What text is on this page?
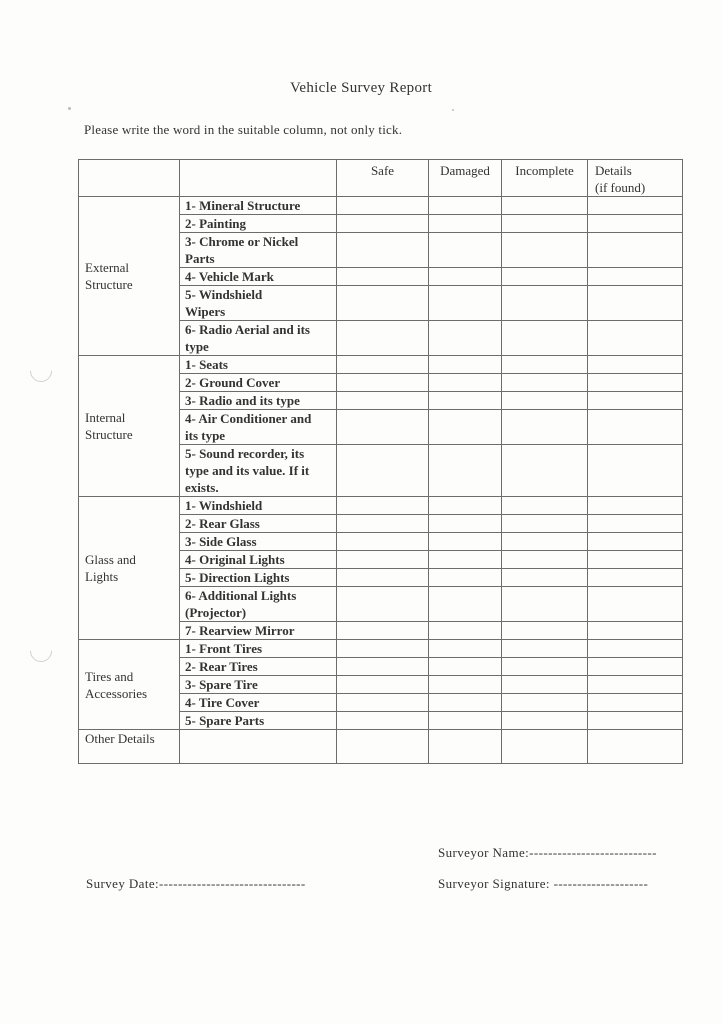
Vehicle Survey Report
Please write the word in the suitable column, not only tick.
		Safe	Damaged	Incomplete	Details
(if found)
External
Structure	1- Mineral Structure				
	2- Painting				
	3- Chrome or Nickel
Parts				
	4- Vehicle Mark				
	5- Windshield
Wipers				
	6- Radio Aerial and its
type				
Internal
Structure	1- Seats				
	2- Ground Cover				
	3- Radio and its type				
	4- Air Conditioner and
its type				
	5- Sound recorder, its
type and its value. If it
exists.				
Glass and
Lights	1- Windshield				
	2- Rear Glass				
	3- Side Glass				
	4- Original Lights				
	5- Direction Lights				
	6- Additional Lights
(Projector)				
	7- Rearview Mirror				
Tires and
Accessories	1- Front Tires				
	2- Rear Tires				
	3- Spare Tire				
	4- Tire Cover				
	5- Spare Parts				
Other Details					
Surveyor Name:---------------------------
Survey Date:-------------------------------	Surveyor Signature: --------------------
